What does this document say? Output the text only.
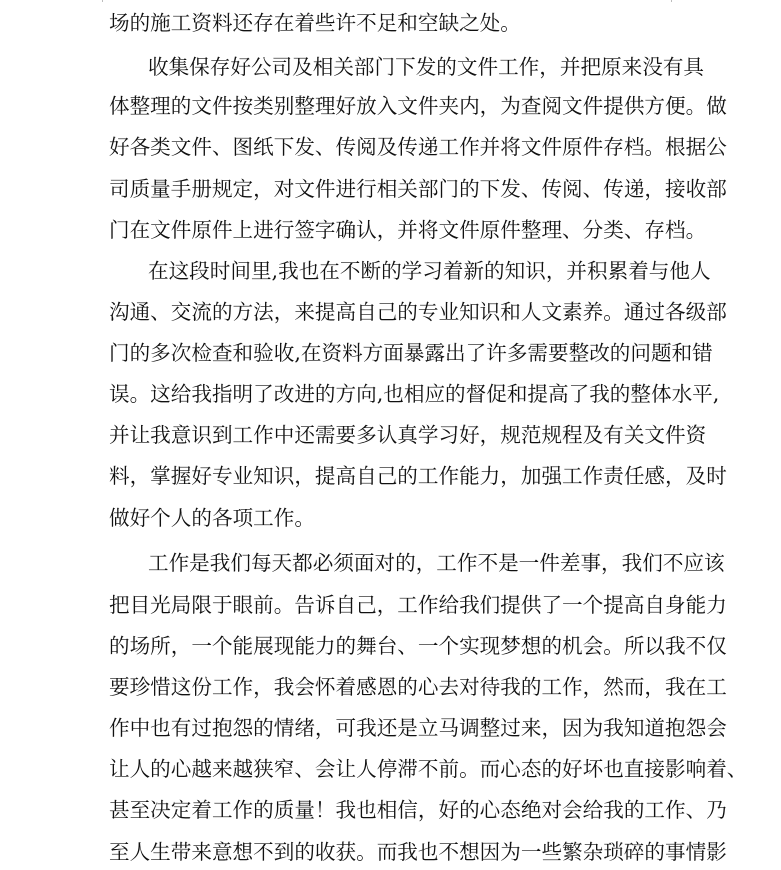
场的施工资料还存在着些许不足和空缺之处。
收集保存好公司及相关部门下发的文件工作，并把原来没有具
体整理的文件按类别整理好放入文件夹内，为查阅文件提供方便。做
好各类文件、图纸下发、传阅及传递工作并将文件原件存档。根据公
司质量手册规定，对文件进行相关部门的下发、传阅、传递，接收部
门在文件原件上进行签字确认，并将文件原件整理、分类、存档。
在这段时间里,我也在不断的学习着新的知识，并积累着与他人
沟通、交流的方法，来提高自己的专业知识和人文素养。通过各级部
门的多次检查和验收,在资料方面暴露出了许多需要整改的问题和错
误。这给我指明了改进的方向,也相应的督促和提高了我的整体水平,
并让我意识到工作中还需要多认真学习好，规范规程及有关文件资
料，掌握好专业知识，提高自己的工作能力，加强工作责任感，及时
做好个人的各项工作。
工作是我们每天都必须面对的，工作不是一件差事，我们不应该
把目光局限于眼前。告诉自己，工作给我们提供了一个提高自身能力
的场所，一个能展现能力的舞台、一个实现梦想的机会。所以我不仅
要珍惜这份工作，我会怀着感恩的心去对待我的工作，然而，我在工
作中也有过抱怨的情绪，可我还是立马调整过来，因为我知道抱怨会
让人的心越来越狭窄、会让人停滞不前。而心态的好坏也直接影响着、
甚至决定着工作的质量！我也相信，好的心态绝对会给我的工作、乃
至人生带来意想不到的收获。而我也不想因为一些繁杂琐碎的事情影
